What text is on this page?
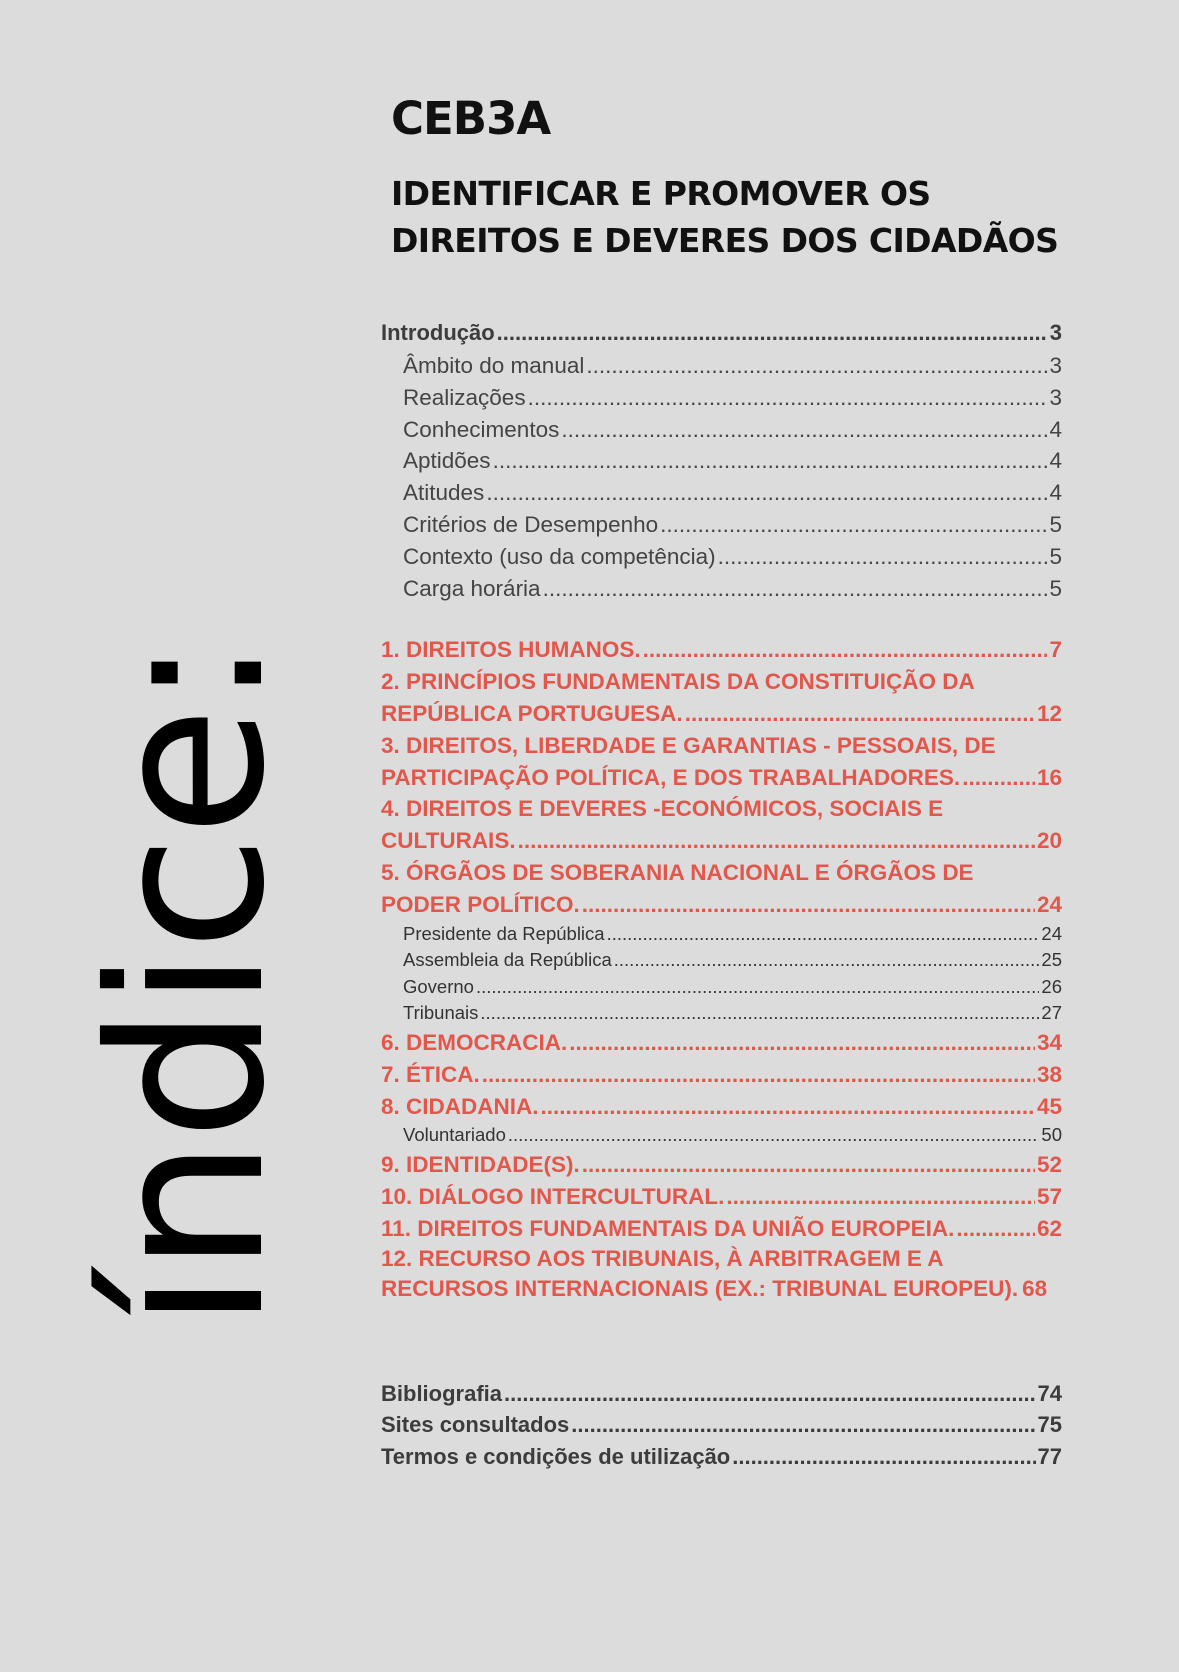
índice:
CEB3A
IDENTIFICAR E PROMOVER OS DIREITOS E DEVERES DOS CIDADÃOS
Introdução .....	3
Âmbito do manual .....	3
Realizações .....	3
Conhecimentos .....	4
Aptidões .....	4
Atitudes .....	4
Critérios de Desempenho .....	5
Contexto (uso da competência) .....	5
Carga horária .....	5
1. DIREITOS HUMANOS. .....	7
2. PRINCÍPIOS FUNDAMENTAIS DA CONSTITUIÇÃO DA
REPÚBLICA PORTUGUESA. .....	12
3. DIREITOS, LIBERDADE E GARANTIAS - PESSOAIS, DE
PARTICIPAÇÃO POLÍTICA, E DOS TRABALHADORES. .....	16
4. DIREITOS E DEVERES -ECONÓMICOS, SOCIAIS E
CULTURAIS. .....	20
5. ÓRGÃOS DE SOBERANIA NACIONAL E ÓRGÃOS DE
PODER POLÍTICO. .....	24
Presidente da República .....	24
Assembleia da República .....	25
Governo .....	26
Tribunais .....	27
6. DEMOCRACIA. .....	34
7. ÉTICA. .....	38
8. CIDADANIA. .....	45
Voluntariado .....	50
9. IDENTIDADE(S). .....	52
10. DIÁLOGO INTERCULTURAL. .....	57
11. DIREITOS FUNDAMENTAIS DA UNIÃO EUROPEIA. .....	62
12. RECURSO AOS TRIBUNAIS, À ARBITRAGEM E A
RECURSOS INTERNACIONAIS (EX.: TRIBUNAL EUROPEU). 68
Bibliografia .....	74
Sites consultados .....	75
Termos e condições de utilização .....	77
